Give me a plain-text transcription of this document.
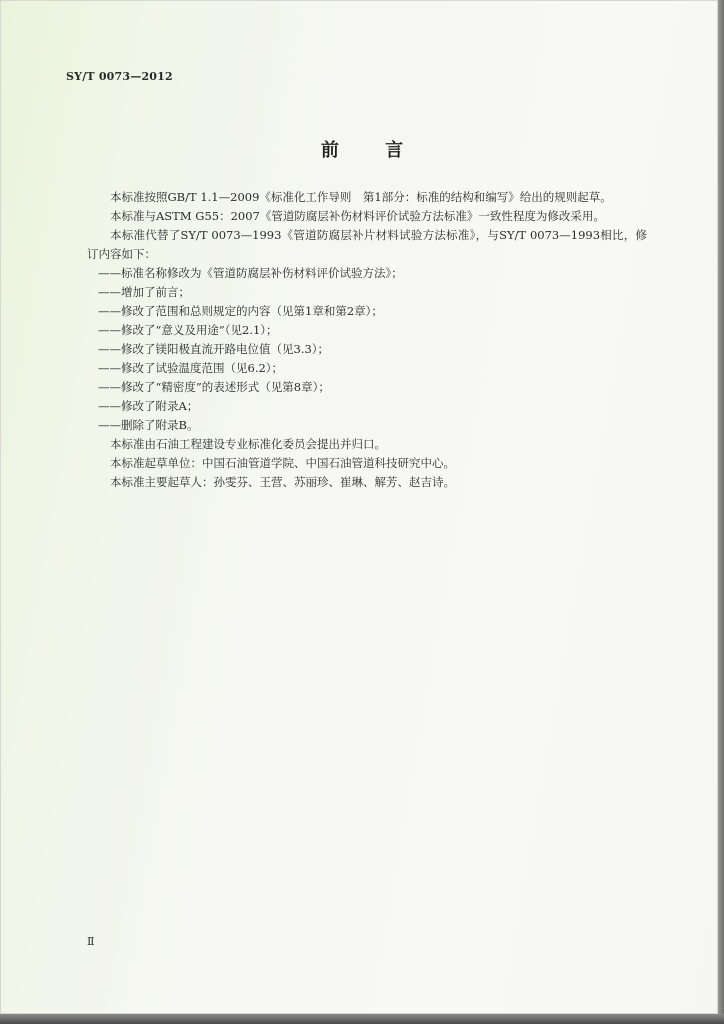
SY/T 0073—2012
前 言

本标准按照GB/T 1.1—2009《标准化工作导则　第1部分：标准的结构和编写》给出的规则起草。

本标准与ASTM G55：2007《管道防腐层补伤材料评价试验方法标准》一致性程度为修改采用。

本标准代替了SY/T 0073—1993《管道防腐层补片材料试验方法标准》，与SY/T 0073—1993相比，修订内容如下：

——标准名称修改为《管道防腐层补伤材料评价试验方法》；

——增加了前言；

——修改了范围和总则规定的内容（见第1章和第2章）；

——修改了“意义及用途”（见2.1）；

——修改了镁阳极直流开路电位值（见3.3）；

——修改了试验温度范围（见6.2）；

——修改了“精密度”的表述形式（见第8章）；

——修改了附录A；

——删除了附录B。

本标准由石油工程建设专业标准化委员会提出并归口。

本标准起草单位：中国石油管道学院、中国石油管道科技研究中心。

本标准主要起草人：孙雯芬、王营、苏丽珍、崔琳、解芳、赵吉诗。

Ⅱ
